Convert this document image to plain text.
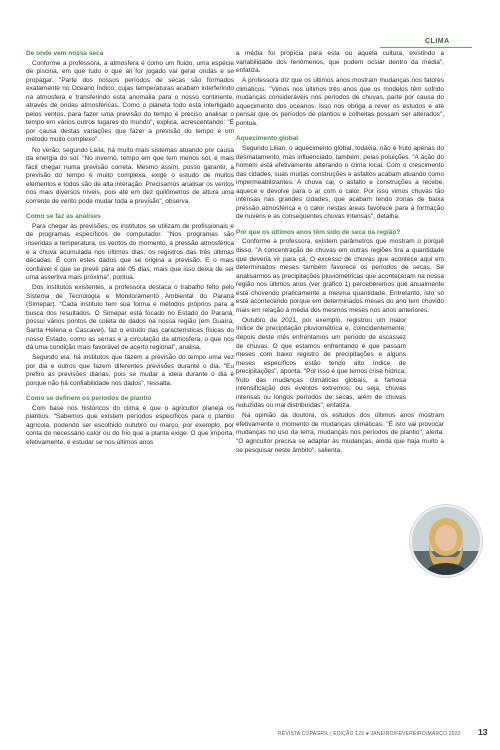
CLIMA
De onde vem nossa seca

Conforme a professora, a atmosfera é como um fluido, uma espécie de piscina, em que tudo o que ali for jogado vai gerar ondas e se propagar. "Parte dos nossos períodos de secas são formados exatamente no Oceano Índico, cujas temperaturas acabam interferindo na atmosfera e transferindo esta anomalia para o nosso continente, através de ondas atmosféricas. Como o planeta todo está interligado pelos ventos, para fazer uma previsão do tempo é preciso analisar o tempo em vários outros lugares do mundo", explica, acrescentando: "É por causa destas variações que fazer a previsão do tempo é um método muito complexo".

No verão, segundo Leila, há muito mais sistemas atuando por causa da energia do sol. "No inverno, tempo em que tem menos sol, é mais fácil chegar numa previsão correta. Mesmo assim, posso garantir, a previsão do tempo é muito complexa, exige o estudo de muitos elementos e todos são de alta interação. Precisamos analisar os ventos nos mais diversos níveis, pois até em dez quilômetros de altura uma corrente de vento pode mudar toda a previsão", observa.

Como se faz as análises

Para chegar às previsões, os institutos se utilizam de profissionais e de programas específicos de computador. "Nos programas são inseridas a temperatura, os ventos do momento, a pressão atmosférica e a chuva acumulada nos últimos dias, os registros das três últimas décadas. É com estes dados que se origina a previsão. E o mais confiável é que se prevê para até 05 dias, mais que isso deixa de ser uma assertiva mais próxima", pontua.

Dos institutos existentes, a professora destaca o trabalho feito pelo Sistema de Tecnologia e Monitoramento Ambiental do Paraná (Simepar). "Cada instituto tem sua forma e métodos próprios para a busca dos resultados. O Simepar está focado no Estado do Paraná, possui vários pontos de coleta de dados na nossa região (em Guaíra, Santa Helena e Cascavel), faz o estudo das características físicas do nosso Estado, como as serras e a circulação da atmosfera, o que nos dá uma condição mais favorável de acerto regional", analisa.

Segundo ela, há institutos que fazem a previsão do tempo uma vez por dia e outros que fazem diferentes previsões durante o dia. "Eu prefiro as previsões diárias, pois se mudar a ideia durante o dia é porque não há confiabilidade nos dados", ressalta.

Como se definem os períodos de plantio

Com base nos históricos do clima é que o agricultor planeja os plantios. "Sabemos que existem períodos específicos para o plantio agrícola, podendo ser escolhido outubro ou março, por exemplo, por conta do necessário calor ou do frio que a planta exige. O que importa, efetivamente, é estudar se nos últimos anos

a média foi propícia para esta ou aquela cultura, existindo a variabilidade dos fenômenos, que podem ocsiar dentro da média", enfatiza.

A professora diz que os últimos anos mostram mudanças nos fatores climáticos. "Vimos nos últimos três anos que os modelos têm sofrido mudanças consideráveis nos períodos de chuvas, parte por causa do aquecimento dos oceanos. Isso nos obriga a rever os estudos e até pensar que os períodos de plantios e colheitas possam ser alterados", pontua.

Aquecimento global

Segundo Lilian, o aquecimento global, todavia, não é fruto apenas do desmatamento, mas influenciado, também, pelas poluições. "A ação do homem está efetivamente alterando o clima local. Com o crescimento das cidades, suas muitas construções e asfaltos acabam atuando como impermeabilizantes. A chuva cai, o asfalto e construções a recebe, aquece e devolve para o ar com o calor. Por isso vimos chuvas tão intensas nas grandes cidades, que acabam tendo zonas de baixa pressão atmosférica e o calor nestas áreas favorece para a formação de nuvens e as consequentes chuvas intensas", detalha.

Por que os últimos anos têm sido de seca na região?

Conforme a professora, existem parâmetros que mostram o porquê disso. "A concentração de chuvas em outras regiões tira a quantidade que deveria vir para cá. O excesso de chuvas que acontece aqui em determinados meses também favorece os períodos de secas. Se analisarmos as precipitações pluviométricas que aconteceram na nossa região nos últimos anos (ver gráfico 1) perceberemos que anualmente está chovendo praticamente a mesma quantidade. Entretanto, isto só está acontecendo porque em determinados meses do ano tem chovido mais em relação à média dos mesmos meses nos anos anteriores.

Outubro de 2021, por exemplo, registrou um maior índice de precipitação pluviométrica e, coincidentemente, depois deste mês enfrentamos um período de escassez de chuvas. O que estamos enfrentando é que passam meses com baixo registro de precipitações e alguns meses específicos estão tendo alto índice de precipitações", aponta. "Por isso é que temos crise hídrica, fruto das mudanças climáticas globais, a famosa intensificação dos eventos extremos, ou seja, chuvas intensas ou longos períodos de secas, além de chuvas reduzidas ou mal distribuídas", enfatiza.

Na opinião da doutora, os estudos dos últimos anos mostram efetivamente o momento de mudanças climáticas. "É isto vai provocar mudanças no uso da terra, mudanças nos períodos de plantio", alerta. "O agricultor precisa se adaptar às mudanças, ainda que haja muito a se pesquisar neste âmbito", salienta.

REVISTA COPAGRIL | EDIÇÃO 123 ● JANEIRO/FEVEREIRO/MARÇO 2022 13
